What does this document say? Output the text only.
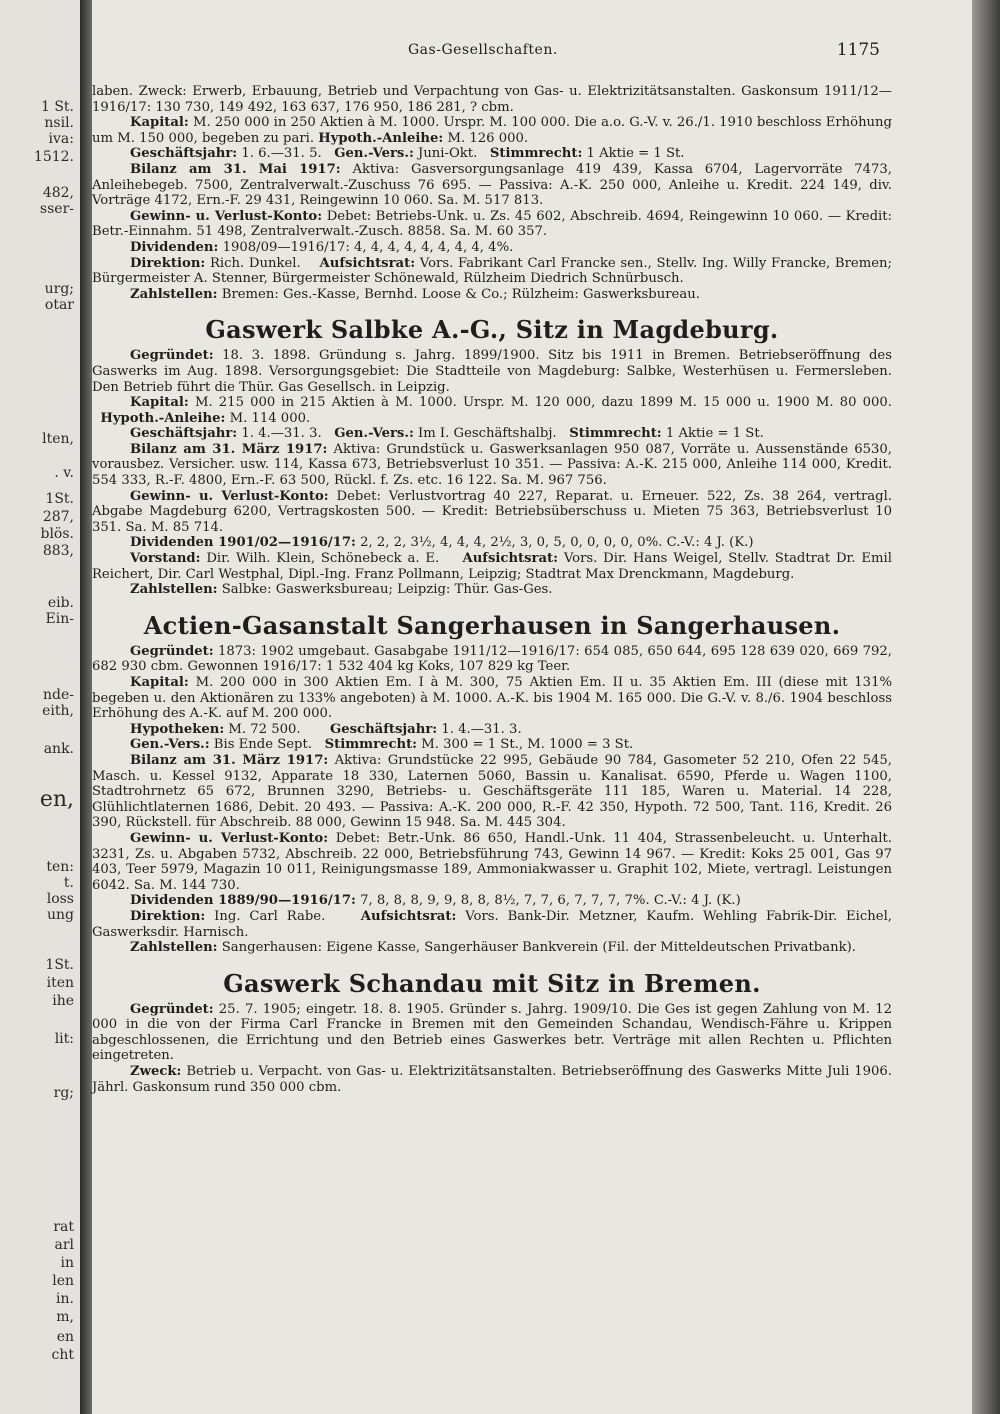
1 St.
nsil.
iva:
1512.
482,
sser-
urg;
otar
lten,
. v.
1St.
287,
blös.
883,
eib.
Ein-
nde-
eith,
ank.
en,
ten:
t.
loss
ung
1St.
iten
ihe
lit:
rg;
rat
arl
in
len
in.
m,
en
cht
Gas-Gesellschaften.	1175

laben. Zweck: Erwerb, Erbauung, Betrieb und Verpachtung von Gas- u. Elektrizitätsanstalten. Gaskonsum 1911/12—1916/17: 130 730, 149 492, 163 637, 176 950, 186 281, ? cbm.

Kapital: M. 250 000 in 250 Aktien à M. 1000. Urspr. M. 100 000. Die a.o. G.-V. v. 26./1. 1910 beschloss Erhöhung um M. 150 000, begeben zu pari. Hypoth.-Anleihe: M. 126 000.

Geschäftsjahr: 1. 6.—31. 5. Gen.-Vers.: Juni-Okt. Stimmrecht: 1 Aktie = 1 St.

Bilanz am 31. Mai 1917: Aktiva: Gasversorgungsanlage 419 439, Kassa 6704, Lagervorräte 7473, Anleihebegeb. 7500, Zentralverwalt.-Zuschuss 76 695. — Passiva: A.-K. 250 000, Anleihe u. Kredit. 224 149, div. Vorträge 4172, Ern.-F. 29 431, Reingewinn 10 060. Sa. M. 517 813.

Gewinn- u. Verlust-Konto: Debet: Betriebs-Unk. u. Zs. 45 602, Abschreib. 4694, Reingewinn 10 060. — Kredit: Betr.-Einnahm. 51 498, Zentralverwalt.-Zusch. 8858. Sa. M. 60 357.

Dividenden: 1908/09—1916/17: 4, 4, 4, 4, 4, 4, 4, 4, 4%.

Direktion: Rich. Dunkel. Aufsichtsrat: Vors. Fabrikant Carl Francke sen., Stellv. Ing. Willy Francke, Bremen; Bürgermeister A. Stenner, Bürgermeister Schönewald, Rülzheim Diedrich Schnürbusch.

Zahlstellen: Bremen: Ges.-Kasse, Bernhd. Loose & Co.; Rülzheim: Gaswerksbureau.

Gaswerk Salbke A.-G., Sitz in Magdeburg.

Gegründet: 18. 3. 1898. Gründung s. Jahrg. 1899/1900. Sitz bis 1911 in Bremen. Betriebseröffnung des Gaswerks im Aug. 1898. Versorgungsgebiet: Die Stadtteile von Magdeburg: Salbke, Westerhüsen u. Fermersleben. Den Betrieb führt die Thür. Gas Gesellsch. in Leipzig.

Kapital: M. 215 000 in 215 Aktien à M. 1000. Urspr. M. 120 000, dazu 1899 M. 15 000 u. 1900 M. 80 000.   Hypoth.-Anleihe: M. 114 000.

Geschäftsjahr: 1. 4.—31. 3. Gen.-Vers.: Im I. Geschäftshalbj. Stimmrecht: 1 Aktie = 1 St.

Bilanz am 31. März 1917: Aktiva: Grundstück u. Gaswerksanlagen 950 087, Vorräte u. Aussenstände 6530, vorausbez. Versicher. usw. 114, Kassa 673, Betriebsverlust 10 351. — Passiva: A.-K. 215 000, Anleihe 114 000, Kredit. 554 333, R.-F. 4800, Ern.-F. 63 500, Rückl. f. Zs. etc. 16 122. Sa. M. 967 756.

Gewinn- u. Verlust-Konto: Debet: Verlustvortrag 40 227, Reparat. u. Erneuer. 522, Zs. 38 264, vertragl. Abgabe Magdeburg 6200, Vertragskosten 500. — Kredit: Betriebsüberschuss u. Mieten 75 363, Betriebsverlust 10 351. Sa. M. 85 714.

Dividenden 1901/02—1916/17: 2, 2, 2, 3½, 4, 4, 4, 2½, 3, 0, 5, 0, 0, 0, 0, 0%. C.-V.: 4 J. (K.)

Vorstand: Dir. Wilh. Klein, Schönebeck a. E. Aufsichtsrat: Vors. Dir. Hans Weigel, Stellv. Stadtrat Dr. Emil Reichert, Dir. Carl Westphal, Dipl.-Ing. Franz Pollmann, Leipzig; Stadtrat Max Drenckmann, Magdeburg.

Zahlstellen: Salbke: Gaswerksbureau; Leipzig: Thür. Gas-Ges.

Actien-Gasanstalt Sangerhausen in Sangerhausen.

Gegründet: 1873: 1902 umgebaut. Gasabgabe 1911/12—1916/17: 654 085, 650 644, 695 128 639 020, 669 792, 682 930 cbm. Gewonnen 1916/17: 1 532 404 kg Koks, 107 829 kg Teer.

Kapital: M. 200 000 in 300 Aktien Em. I à M. 300, 75 Aktien Em. II u. 35 Aktien Em. III (diese mit 131% begeben u. den Aktionären zu 133% angeboten) à M. 1000. A.-K. bis 1904 M. 165 000. Die G.-V. v. 8./6. 1904 beschloss Erhöhung des A.-K. auf M. 200 000.

Hypotheken: M. 72 500. Geschäftsjahr: 1. 4.—31. 3.

Gen.-Vers.: Bis Ende Sept. Stimmrecht: M. 300 = 1 St., M. 1000 = 3 St.

Bilanz am 31. März 1917: Aktiva: Grundstücke 22 995, Gebäude 90 784, Gasometer 52 210, Ofen 22 545, Masch. u. Kessel 9132, Apparate 18 330, Laternen 5060, Bassin u. Kanalisat. 6590, Pferde u. Wagen 1100, Stadtrohrnetz 65 672, Brunnen 3290, Betriebs- u. Geschäftsgeräte 111 185, Waren u. Material. 14 228, Glühlichtlaternen 1686, Debit. 20 493. — Passiva: A.-K. 200 000, R.-F. 42 350, Hypoth. 72 500, Tant. 116, Kredit. 26 390, Rückstell. für Abschreib. 88 000, Gewinn 15 948. Sa. M. 445 304.

Gewinn- u. Verlust-Konto: Debet: Betr.-Unk. 86 650, Handl.-Unk. 11 404, Strassenbeleucht. u. Unterhalt. 3231, Zs. u. Abgaben 5732, Abschreib. 22 000, Betriebsführung 743, Gewinn 14 967. — Kredit: Koks 25 001, Gas 97 403, Teer 5979, Magazin 10 011, Reinigungsmasse 189, Ammoniakwasser u. Graphit 102, Miete, vertragl. Leistungen 6042. Sa. M. 144 730.

Dividenden 1889/90—1916/17: 7, 8, 8, 8, 9, 9, 8, 8, 8½, 7, 7, 6, 7, 7, 7, 7%. C.-V.: 4 J. (K.)

Direktion: Ing. Carl Rabe.	Aufsichtsrat: Vors. Bank-Dir. Metzner, Kaufm. Wehling Fabrik-Dir. Eichel, Gaswerksdir. Harnisch.

Zahlstellen: Sangerhausen: Eigene Kasse, Sangerhäuser Bankverein (Fil. der Mitteldeutschen Privatbank).

Gaswerk Schandau mit Sitz in Bremen.

Gegründet: 25. 7. 1905; eingetr. 18. 8. 1905. Gründer s. Jahrg. 1909/10. Die Ges ist gegen Zahlung von M. 12 000 in die von der Firma Carl Francke in Bremen mit den Gemeinden Schandau, Wendisch-Fähre u. Krippen abgeschlossenen, die Errichtung und den Betrieb eines Gaswerkes betr. Verträge mit allen Rechten u. Pflichten eingetreten.

Zweck: Betrieb u. Verpacht. von Gas- u. Elektrizitätsanstalten. Betriebseröffnung des Gaswerks Mitte Juli 1906. Jährl. Gaskonsum rund 350 000 cbm.
